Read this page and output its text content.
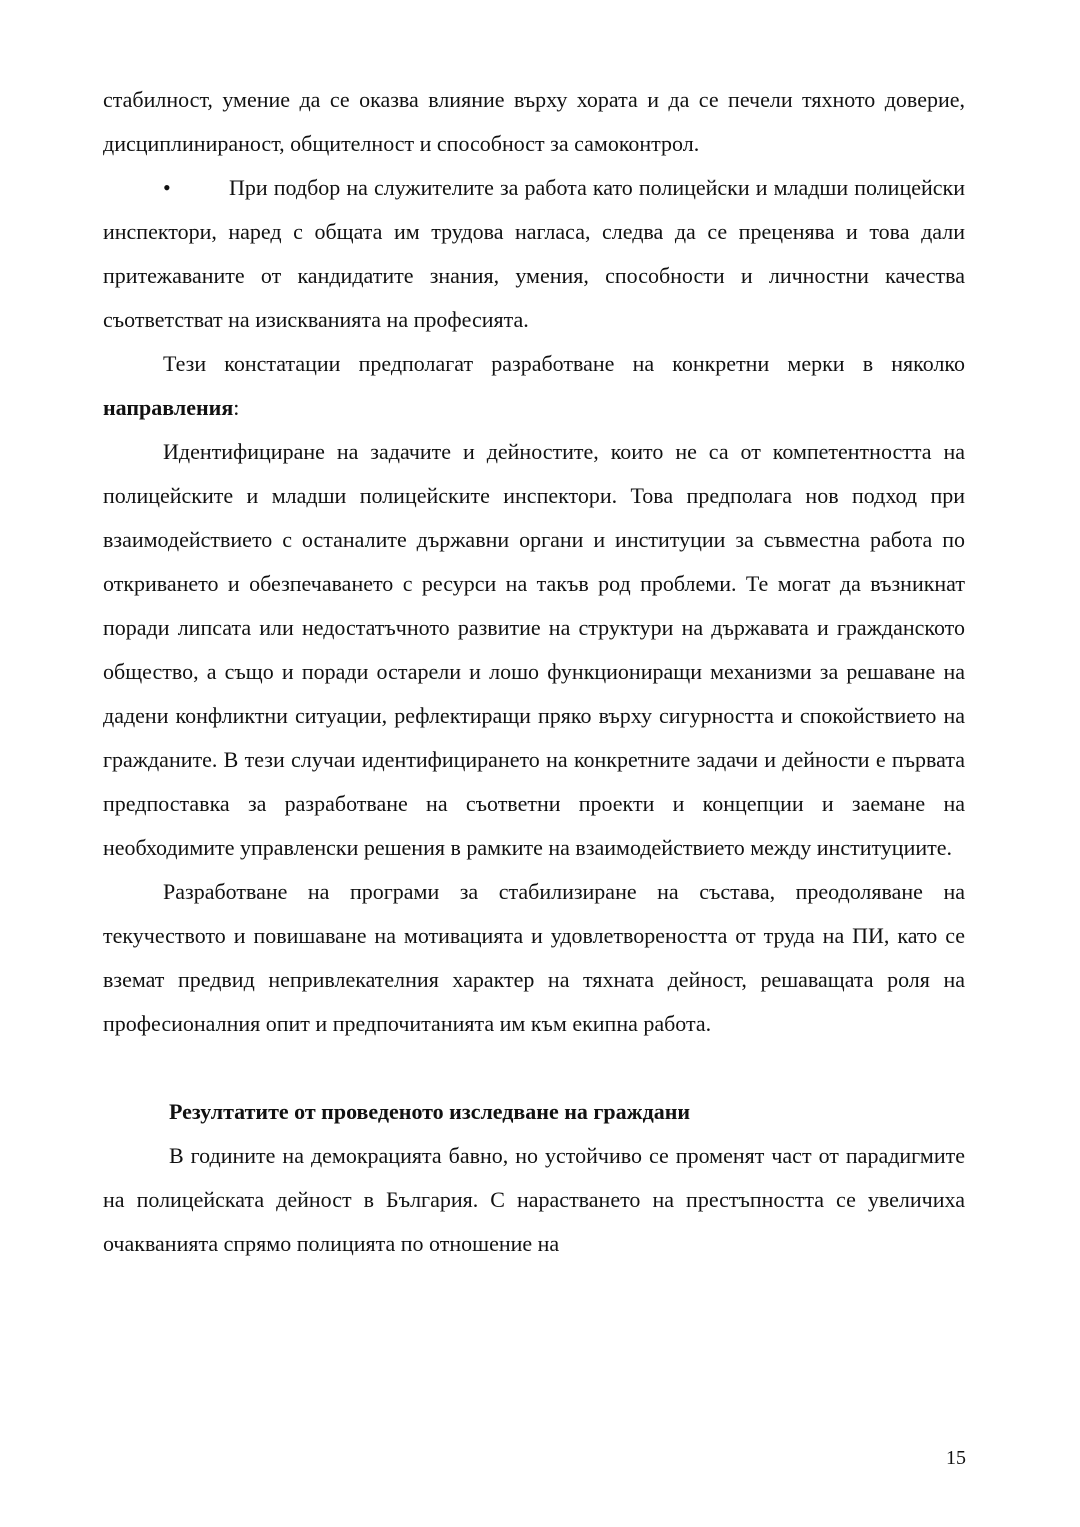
стабилност, умение да се оказва влияние върху хората и да се печели тяхното доверие, дисциплинираност, общителност и способност за самоконтрол.

•	При подбор на служителите за работа като полицейски и младши полицейски инспектори, наред с общата им трудова нагласа, следва да се преценява и това дали притежаваните от кандидатите знания, умения, способности и личностни качества съответстват на изискванията на професията.

Тези констатации предполагат разработване на конкретни мерки в няколко направления:

Идентифициране на задачите и дейностите, които не са от компетентността на полицейските и младши полицейските инспектори. Това предполага нов подход при взаимодействието с останалите държавни органи и институции за съвместна работа по откриването и обезпечаването с ресурси на такъв род проблеми. Те могат да възникнат поради липсата или недостатъчното развитие на структури на държавата и гражданското общество, а също и поради остарели и лошо функциониращи механизми за решаване на дадени конфликтни ситуации, рефлектиращи пряко върху сигурността и спокойствието на гражданите. В тези случаи идентифицирането на конкретните задачи и дейности е първата предпоставка за разработване на съответни проекти и концепции и заемане на необходимите управленски решения в рамките на взаимодействието между институциите.

Разработване на програми за стабилизиране на състава, преодоляване на текучеството и повишаване на мотивацията и удовлетвореността от труда на ПИ, като се вземат предвид непривлекателния характер на тяхната дейност, решаващата роля на професионалния опит и предпочитанията им към екипна работа.

Резултатите от проведеното изследване на граждани

В годините на демокрацията бавно, но устойчиво се променят част от парадигмите на полицейската дейност в България. С нарастването на престъпността се увеличиха очакванията спрямо полицията по отношение на

15
